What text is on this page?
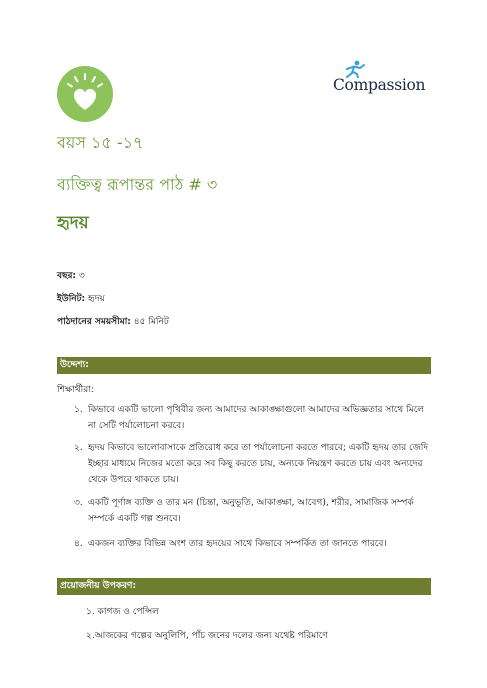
Compassion
বয়স ১৫ -১৭
ব্যক্তিত্ব রূপান্তর পাঠ # ৩
হৃদয়
বছর: ৩
ইউনিট: হৃদয়
পাঠদানের সময়সীমা: ৪৫ মিনিট
উদ্দেশ্য:
শিক্ষার্থীরা:
১. কিভাবে একটি ভালো পৃথিবীর জন্য আমাদের আকাঙ্ক্ষাগুলো আমাদের অভিজ্ঞতার সাথে মিলে না সেটি পর্যালোচনা করবে।
২. হৃদয় কিভাবে ভালোবাসাকে প্রতিরোধ করে তা পর্যালোচনা করতে পারবে; একটি হৃদয় তার জেদি ইচ্ছার মাধ্যমে নিজের মতো করে সব কিছু করতে চায়, অন্যকে নিয়ন্ত্রণ করতে চায় এবং অন্যদের থেকে উপরে থাকতে চায়।
৩. একটি পূর্ণাঙ্গ ব্যক্তি ও তার মন (চিন্তা, অনুভূতি, আকাঙ্ক্ষা, আবেগ), শরীর, সামাজিক সম্পর্ক সম্পর্কে একটি গল্প শুনবে।
৪. একজন ব্যক্তির বিভিন্ন অংশ তার হৃদয়ের সাথে কিভাবে সম্পর্কিত তা জানতে পারবে।
প্রয়োজনীয় উপকরণ:
১. কাগজ ও পেন্সিল
২.আজকের গল্পের অনুলিপি, পাঁচ জনের দলের জন্য যথেষ্ট পরিমাণে
